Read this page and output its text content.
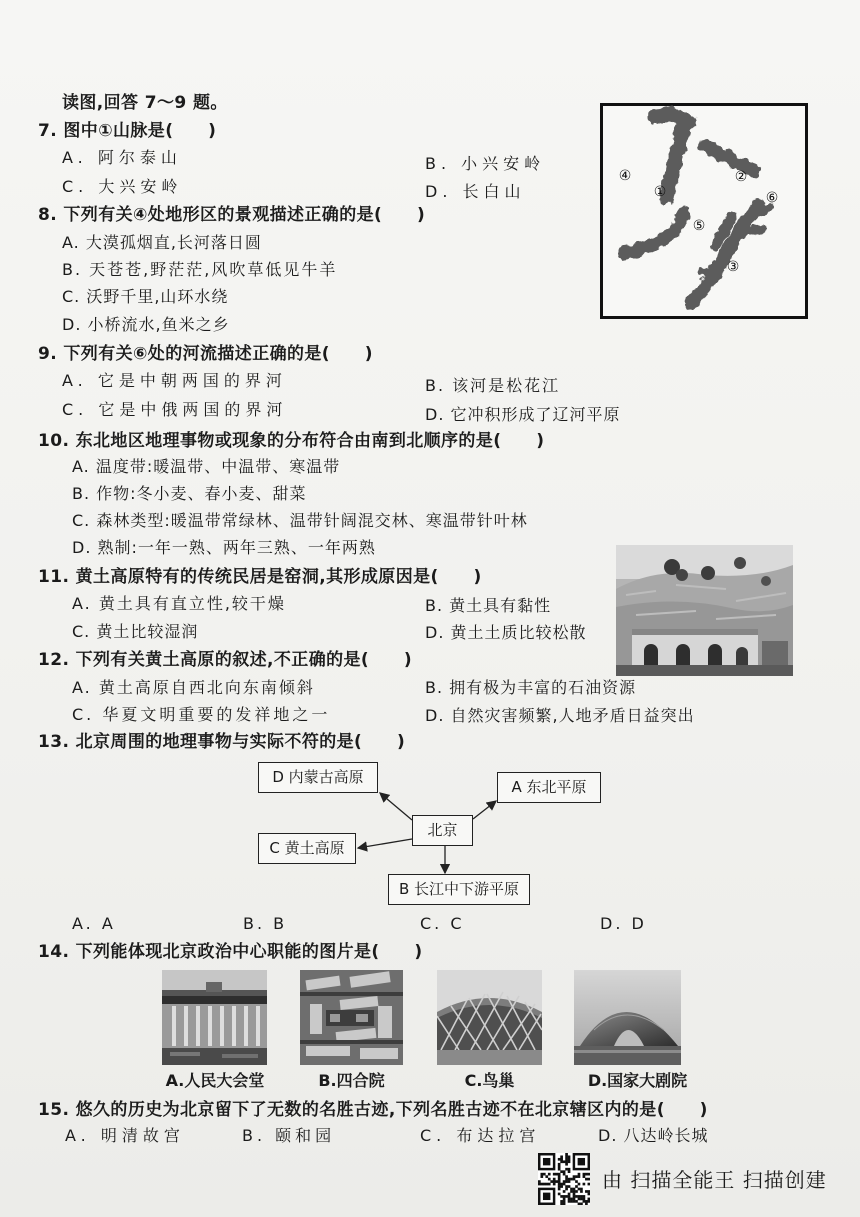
读图,回答 7～9 题。
④
①
②
⑥
⑤
③
7. 图中①山脉是(　　)
A. 阿尔泰山	B. 小兴安岭
C. 大兴安岭	D. 长白山
8. 下列有关④处地形区的景观描述正确的是(　　)
A. 大漠孤烟直,长河落日圆
B. 天苍苍,野茫茫,风吹草低见牛羊
C. 沃野千里,山环水绕
D. 小桥流水,鱼米之乡
9. 下列有关⑥处的河流描述正确的是(　　)
A. 它是中朝两国的界河	B. 该河是松花江
C. 它是中俄两国的界河	D. 它冲积形成了辽河平原
10. 东北地区地理事物或现象的分布符合由南到北顺序的是(　　)
A. 温度带:暖温带、中温带、寒温带
B. 作物:冬小麦、春小麦、甜菜
C. 森林类型:暖温带常绿林、温带针阔混交林、寒温带针叶林
D. 熟制:一年一熟、两年三熟、一年两熟
11. 黄土高原特有的传统民居是窑洞,其形成原因是(　　)
A. 黄土具有直立性,较干燥	B. 黄土具有黏性
C. 黄土比较湿润	D. 黄土土质比较松散
12. 下列有关黄土高原的叙述,不正确的是(　　)
A. 黄土高原自西北向东南倾斜	B. 拥有极为丰富的石油资源
C. 华夏文明重要的发祥地之一	D. 自然灾害频繁,人地矛盾日益突出
13. 北京周围的地理事物与实际不符的是(　　)
D 内蒙古高原
A 东北平原
北京
C 黄土高原
B 长江中下游平原
A. A	B. B	C. C	D. D
14. 下列能体现北京政治中心职能的图片是(　　)
A.人民大会堂	B.四合院	C.鸟巢	D.国家大剧院
15. 悠久的历史为北京留下了无数的名胜古迹,下列名胜古迹不在北京辖区内的是(　　)
A. 明清故宫	B. 颐和园	C. 布达拉宫	D. 八达岭长城
由 扫描全能王 扫描创建
